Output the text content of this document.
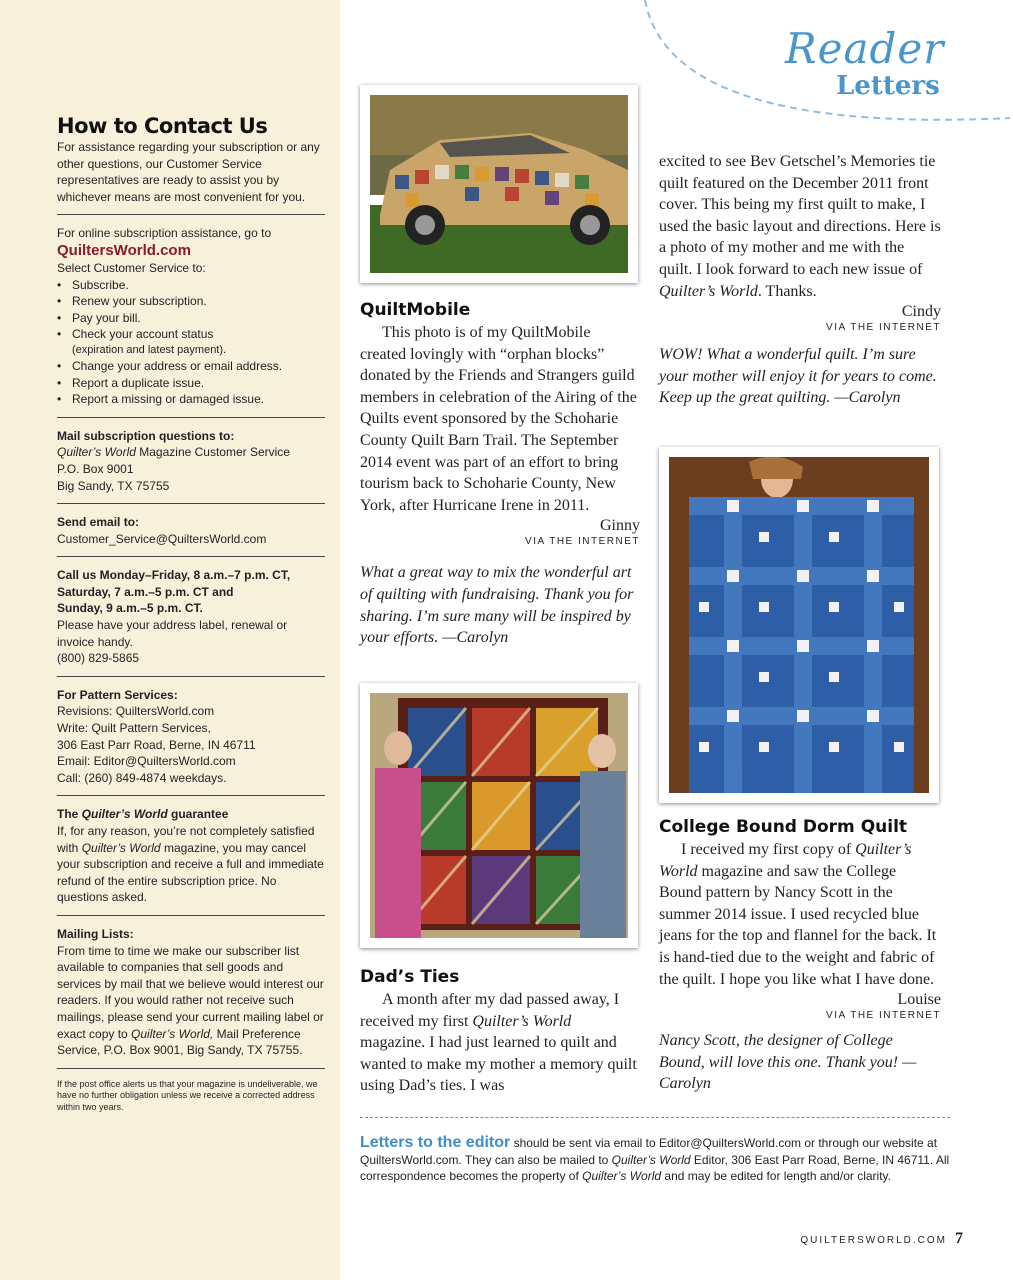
How to Contact Us

For assistance regarding your subscription or any other questions, our Customer Service representatives are ready to assist you by whichever means are most convenient for you.

For online subscription assistance, go to

QuiltersWorld.com

Select Customer Service to:

• Subscribe.
• Renew your subscription.
• Pay your bill.
• Check your account status
(expiration and latest payment).
• Change your address or email address.
• Report a duplicate issue.
• Report a missing or damaged issue.

Mail subscription questions to:

Quilter’s World Magazine Customer Service

P.O. Box 9001

Big Sandy, TX 75755

Send email to:

Customer_Service@QuiltersWorld.com

Call us Monday–Friday, 8 a.m.–7 p.m. CT,

Saturday, 7 a.m.–5 p.m. CT and

Sunday, 9 a.m.–5 p.m. CT.

Please have your address label, renewal or invoice handy.

(800) 829-5865

For Pattern Services:

Revisions: QuiltersWorld.com

Write: Quilt Pattern Services,

306 East Parr Road, Berne, IN 46711

Email: Editor@QuiltersWorld.com

Call: (260) 849-4874 weekdays.

The Quilter’s World guarantee

If, for any reason, you’re not completely satisfied with Quilter’s World magazine, you may cancel your subscription and receive a full and immediate refund of the entire subscription price. No questions asked.

Mailing Lists:

From time to time we make our subscriber list available to companies that sell goods and services by mail that we believe would interest our readers. If you would rather not receive such mailings, please send your current mailing label or exact copy to Quilter’s World, Mail Preference Service, P.O. Box 9001, Big Sandy, TX 75755.

If the post office alerts us that your magazine is undeliverable, we have no further obligation unless we receive a corrected address within two years.

Reader
Letters
QuiltMobile

This photo is of my QuiltMobile created lovingly with “orphan blocks” donated by the Friends and Strangers guild members in celebration of the Airing of the Quilts event sponsored by the Schoharie County Quilt Barn Trail. The September 2014 event was part of an effort to bring tourism back to Schoharie County, New York, after Hurricane Irene in 2011.

Ginny

VIA THE INTERNET

What a great way to mix the wonderful art of quilting with fundraising. Thank you for sharing. I’m sure many will be inspired by your efforts. —Carolyn

Dad’s Ties

A month after my dad passed away, I received my first Quilter’s World magazine. I had just learned to quilt and wanted to make my mother a memory quilt using Dad’s ties. I was

excited to see Bev Getschel’s Memories tie quilt featured on the December 2011 front cover. This being my first quilt to make, I used the basic layout and directions. Here is a photo of my mother and me with the quilt. I look forward to each new issue of Quilter’s World. Thanks.

Cindy

VIA THE INTERNET

WOW! What a wonderful quilt. I’m sure your mother will enjoy it for years to come. Keep up the great quilting. —Carolyn

College Bound Dorm Quilt

I received my first copy of Quilter’s World magazine and saw the College Bound pattern by Nancy Scott in the summer 2014 issue. I used recycled blue jeans for the top and flannel for the back. It is hand-tied due to the weight and fabric of the quilt. I hope you like what I have done.

Louise

VIA THE INTERNET

Nancy Scott, the designer of College Bound, will love this one. Thank you! —Carolyn

Letters to the editor should be sent via email to Editor@QuiltersWorld.com or through our website at QuiltersWorld.com. They can also be mailed to Quilter’s World Editor, 306 East Parr Road, Berne, IN 46711. All correspondence becomes the property of Quilter’s World and may be edited for length and/or clarity.
QUILTERSWORLD.COM 7
